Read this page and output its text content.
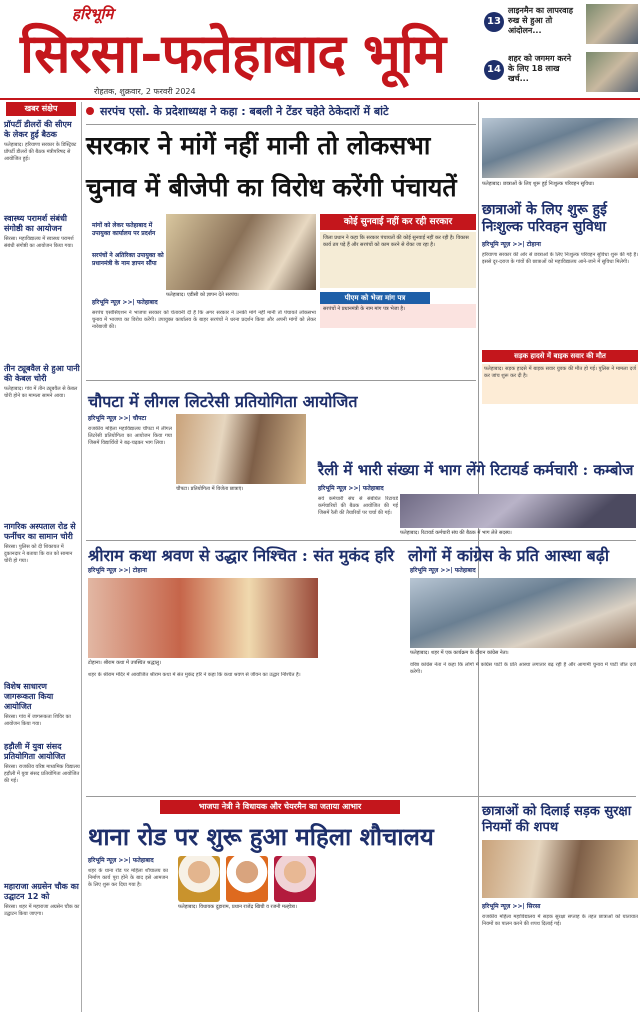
हरिभूमि
सिरसा-फतेहाबाद भूमि
रोहतक, शुक्रवार, 2 फरवरी 2024
13
लाइनमैन का लापरवाह रुख से हुआ तो आंदोलन...
14
शहर को जगमग करने के लिए 18 लाख खर्च...
खबर संक्षेप
प्रॉपर्टी डीलरों की सीएम के लेकर हुई बैठक

फतेहाबाद। हरियाणा सरकार के डिस्ट्रिक्ट प्रॉपर्टी डीलरों की बैठक मंत्रीपरिषद से आयोजित हुई।

स्वास्थ्य परामर्श संबंधी संगोष्ठी का आयोजन

सिरसा। महाविद्यालय में स्वास्थ्य परामर्श संबंधी संगोष्ठी का आयोजन किया गया।

तीन ट्यूबवैल से हुआ पानी की केबल चोरी

फतेहाबाद। गांव में तीन ट्यूबवैल से केबल चोरी होने का मामला सामने आया।

नागरिक अस्पताल रोड से फर्नीचर का सामान चोरी

सिरसा। पुलिस को दी शिकायत में दुकानदार ने बताया कि रात को सामान चोरी हो गया।

विशेष साधारण जागरूकता किया आयोजित

सिरसा। गांव में जागरूकता शिविर का आयोजन किया गया।

हड़ौली में युवा संसद प्रतियोगिता आयोजित

सिरसा। राजकीय वरिष्ठ माध्यमिक विद्यालय हड़ौली में युवा संसद प्रतियोगिता आयोजित की गई।

महाराजा अग्रसेन चौक का उद्घाटन 12 को

सिरसा। शहर में महाराजा अग्रसेन चौक का उद्घाटन किया जाएगा।

सरपंच एसो. के प्रदेशाध्यक्ष ने कहा : बबली ने टेंडर चहेते ठेकेदारों में बांटे
सरकार ने मांगें नहीं मानी तो लोकसभा
चुनाव में बीजेपी का विरोध करेंगी पंचायतें
मांगों को लेकर फतेहाबाद में उपायुक्त कार्यालय पर प्रदर्शन
सरपंचों ने अतिरिक्त उपायुक्त को प्रधानमंत्री के नाम ज्ञापन सौंपा
फतेहाबाद। एडीसी को ज्ञापन देते सरपंच।
कोई सुनवाई नहीं कर रही सरकार
जिला प्रधान ने कहा कि सरकार पंचायतों की कोई सुनवाई नहीं कर रही है। विकास कार्य ठप पड़े हैं और सरपंचों को काम करने से रोका जा रहा है।
पीएम को भेजा मांग पत्र
सरपंचों ने प्रधानमंत्री के नाम मांग पत्र भेजा है।
हरिभूमि न्यूज़ >>| फतेहाबाद
सरपंच एसोसिएशन ने भाजपा सरकार को चेतावनी दी है कि अगर सरकार ने उनकी मांगें नहीं मानी तो पंचायतें लोकसभा चुनाव में भाजपा का विरोध करेंगी। उपायुक्त कार्यालय के बाहर सरपंचों ने धरना प्रदर्शन किया और अपनी मांगों को लेकर नारेबाजी की।
फतेहाबाद। छात्राओं के लिए शुरू हुई निःशुल्क परिवहन सुविधा।
छात्राओं के लिए शुरू हुई निःशुल्क परिवहन सुविधा
हरिभूमि न्यूज़ >>| टोहाना
हरियाणा सरकार की ओर से छात्राओं के लिए निःशुल्क परिवहन सुविधा शुरू की गई है। इससे दूर-दराज के गांवों की छात्राओं को महाविद्यालय आने-जाने में सुविधा मिलेगी।
सड़क हादसे में बाइक सवार की मौत
फतेहाबाद। सड़क हादसे में बाइक सवार युवक की मौत हो गई। पुलिस ने मामला दर्ज कर जांच शुरू कर दी है।
चौपटा में लीगल लिटरेसी प्रतियोगिता आयोजित
हरिभूमि न्यूज़ >>| चौपटा
राजकीय महिला महाविद्यालय चौपटा में लीगल लिटरेसी प्रतियोगिता का आयोजन किया गया जिसमें विद्यार्थियों ने बढ़-चढ़कर भाग लिया।
चौपटा। प्रतियोगिता में विजेता छात्राएं।
रैली में भारी संख्या में भाग लेंगे रिटायर्ड कर्मचारी : कम्बोज
हरिभूमि न्यूज़ >>| फतेहाबाद
सर्व कर्मचारी संघ से संबंधित रिटायर्ड कर्मचारियों की बैठक आयोजित की गई जिसमें रैली की तैयारियों पर चर्चा की गई।
फतेहाबाद। रिटायर्ड कर्मचारी संघ की बैठक में भाग लेते सदस्य।
श्रीराम कथा श्रवण से उद्धार निश्चित : संत मुकंद हरि
हरिभूमि न्यूज़ >>| टोहाना
टोहाना। श्रीराम कथा में उपस्थित श्रद्धालु।
शहर के श्रीराम मंदिर में आयोजित श्रीराम कथा में संत मुकंद हरि ने कहा कि कथा श्रवण से जीवन का उद्धार निश्चित है।
लोगों में कांग्रेस के प्रति आस्था बढ़ी
हरिभूमि न्यूज़ >>| फतेहाबाद
फतेहाबाद। शहर में एक कार्यक्रम के दौरान कांग्रेस नेता।
वरिष्ठ कांग्रेस नेता ने कहा कि लोगों में कांग्रेस पार्टी के प्रति आस्था लगातार बढ़ रही है और आगामी चुनाव में पार्टी जीत दर्ज करेगी।
भाजपा नेत्री ने विधायक और चेयरमैन का जताया आभार
थाना रोड पर शुरू हुआ महिला शौचालय
हरिभूमि न्यूज़ >>| फतेहाबाद
शहर के थाना रोड पर महिला शौचालय का निर्माण कार्य पूरा होने के बाद इसे आमजन के लिए शुरू कर दिया गया है।
फतेहाबाद। विधायक दुड़ाराम, प्रधान राजेंद्र खिची व रजनी मल्होत्रा।
छात्राओं को दिलाई सड़क सुरक्षा नियमों की शपथ
हरिभूमि न्यूज़ >>| सिरसा
राजकीय महिला महाविद्यालय में सड़क सुरक्षा सप्ताह के तहत छात्राओं को यातायात नियमों का पालन करने की शपथ दिलाई गई।
